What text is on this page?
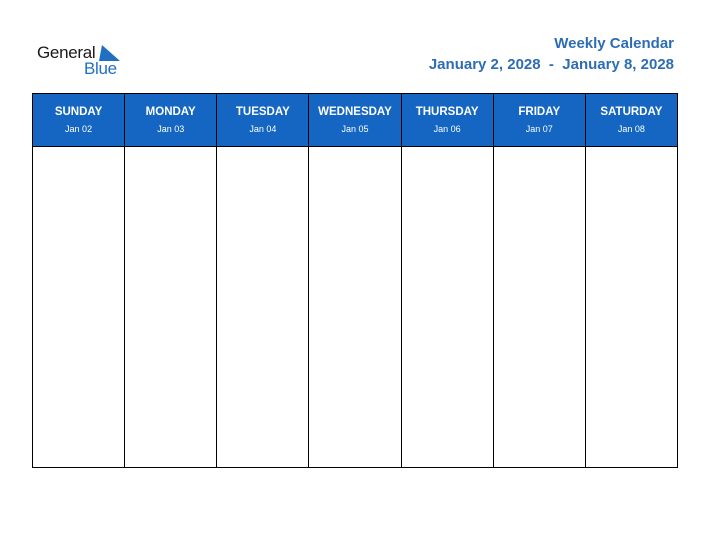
General
Blue
Weekly Calendar
January 2, 2028  -  January 8, 2028
SUNDAY
Jan 02
MONDAY
Jan 03
TUESDAY
Jan 04
WEDNESDAY
Jan 05
THURSDAY
Jan 06
FRIDAY
Jan 07
SATURDAY
Jan 08
